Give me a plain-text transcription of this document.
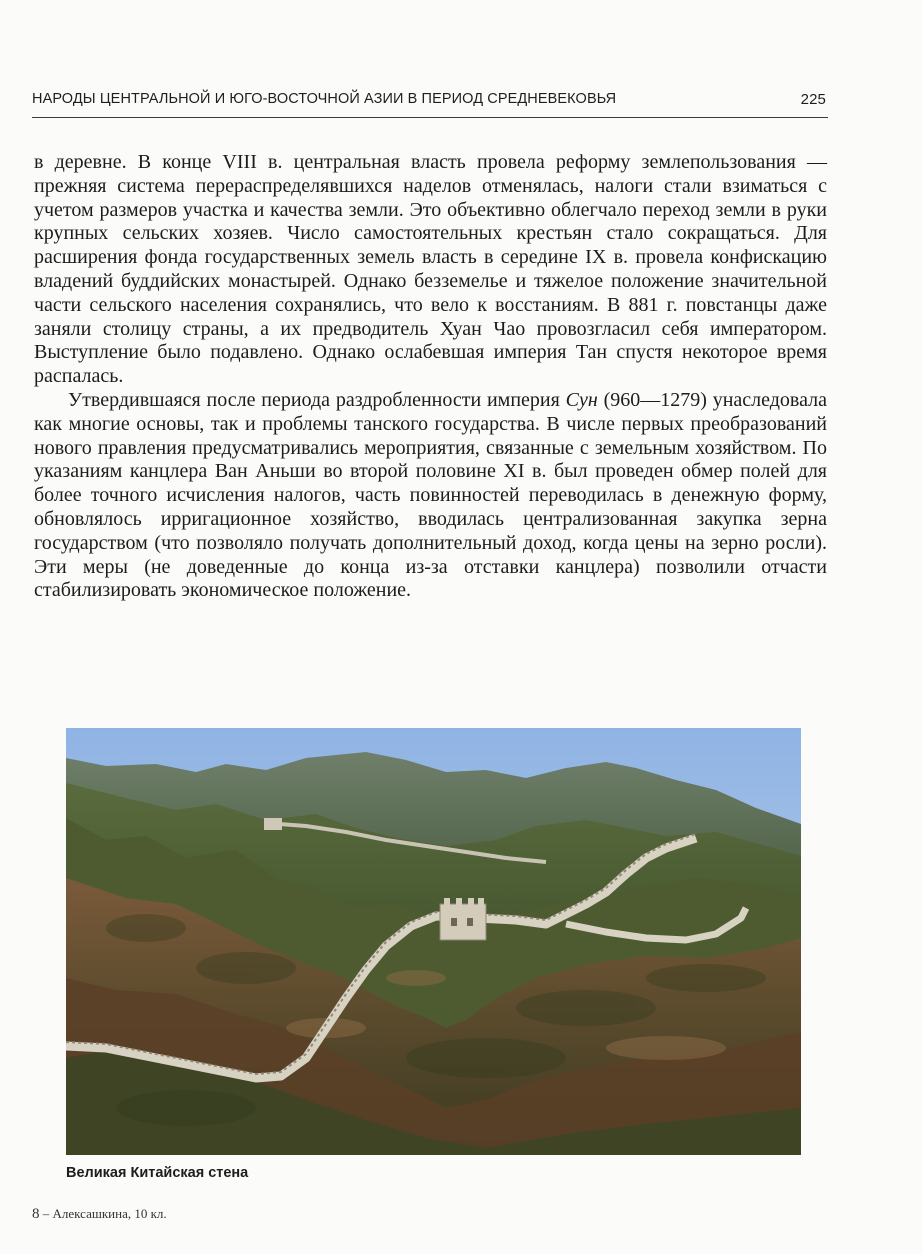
НАРОДЫ ЦЕНТРАЛЬНОЙ И ЮГО-ВОСТОЧНОЙ АЗИИ В ПЕРИОД СРЕДНЕВЕКОВЬЯ	225

в деревне. В конце VIII в. центральная власть провела реформу землепользования — прежняя система перераспределявшихся наделов отменялась, налоги стали взиматься с учетом размеров участка и качества земли. Это объективно облегчало переход земли в руки крупных сельских хозяев. Число самостоятельных крестьян стало сокращаться. Для расширения фонда государственных земель власть в середине IX в. провела конфискацию владений буддийских монастырей. Однако безземелье и тяжелое положение значительной части сельского населения сохранялись, что вело к восстаниям. В 881 г. повстанцы даже заняли столицу страны, а их предводитель Хуан Чао провозгласил себя императором. Выступление было подавлено. Однако ослабевшая империя Тан спустя некоторое время распалась.

Утвердившаяся после периода раздробленности империя Сун (960—1279) унаследовала как многие основы, так и проблемы танского государства. В числе первых преобразований нового правления предусматривались мероприятия, связанные с земельным хозяйством. По указаниям канцлера Ван Аньши во второй половине XI в. был проведен обмер полей для более точного исчисления налогов, часть повинностей переводилась в денежную форму, обновлялось ирригационное хозяйство, вводилась централизованная закупка зерна государством (что позволяло получать дополнительный доход, когда цены на зерно росли). Эти меры (не доведенные до конца из-за отставки канцлера) позволили отчасти стабилизировать экономическое положение.

Великая Китайская стена
8 – Алексашкина, 10 кл.
